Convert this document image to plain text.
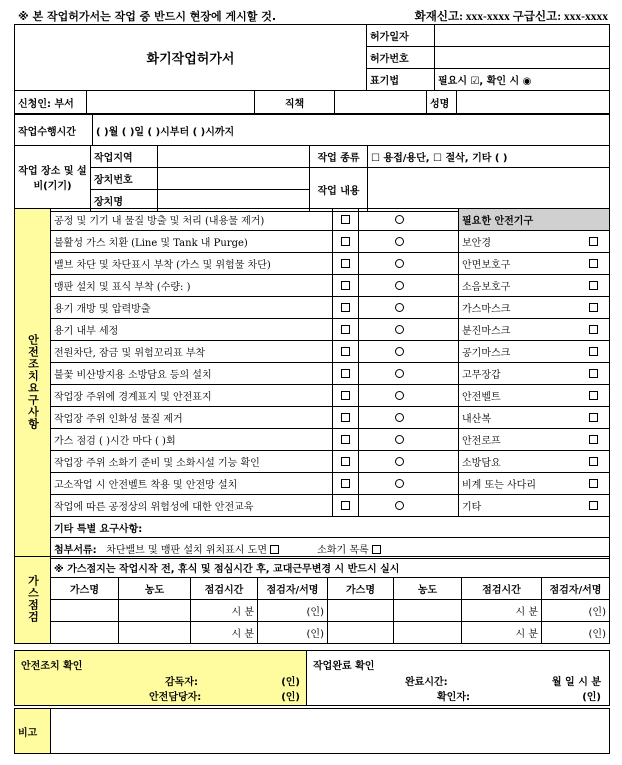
※ 본 작업허가서는 작업 중 반드시 현장에 게시할 것.	화재신고: xxx-xxxx 구급신고: xxx-xxxx
화기작업허가서	허가일자	
	허가번호	
	표기법	필요시 ☑, 확인 시 ◉
신청인: 부서		직책		성명	
작업수행시간	( )월 ( )일 ( )시부터 ( )시까지
작업 장소 및 설비(기기)	작업지역		작업 종류	☐ 용접/용단, ☐ 절삭, 기타 ( )
	장치번호		작업 내용	
	장치명			
안전조치요구사항	공정 및 기기 내 물질 방출 및 처리 (내용물 제거)			필요한 안전기구	
	불활성 가스 치환 (Line 및 Tank 내 Purge)			보안경	
	밸브 차단 및 차단표시 부착 (가스 및 위험물 차단)			안면보호구	
	맹판 설치 및 표식 부착 (수량: )			소음보호구	
	용기 개방 및 압력방출			가스마스크	
	용기 내부 세정			분진마스크	
	전원차단, 잠금 및 위험꼬리표 부착			공기마스크	
	불꽃 비산방지용 소방담요 등의 설치			고무장갑	
	작업장 주위에 경계표지 및 안전표지			안전벨트	
	작업장 주위 인화성 물질 제거			내산복	
	가스 점검 ( )시간 마다 ( )회			안전로프	
	작업장 주위 소화기 준비 및 소화시설 기능 확인			소방담요	
	고소작업 시 안전벨트 착용 및 안전망 설치			비계 또는 사다리	
	작업에 따른 공정상의 위험성에 대한 안전교육			기타	
	기타 특별 요구사항:				
	첨부서류: 차단밸브 및 맹판 설치 위치표시 도면 소화기 목록				
가스점검	※ 가스점지는 작업시작 전, 휴식 및 점심시간 후, 교대근무변경 시 반드시 실시							
	가스명	농도	점검시간	점검자/서명	가스명	농도	점검시간	점검자/서명
			시 분	(인)			시 분	(인)
			시 분	(인)			시 분	(인)
안전조치 확인
감독자:	(인)
안전담당자:	(인)

작업완료 확인
완료시간:	월 일 시 분
확인자:	(인)
비고	
